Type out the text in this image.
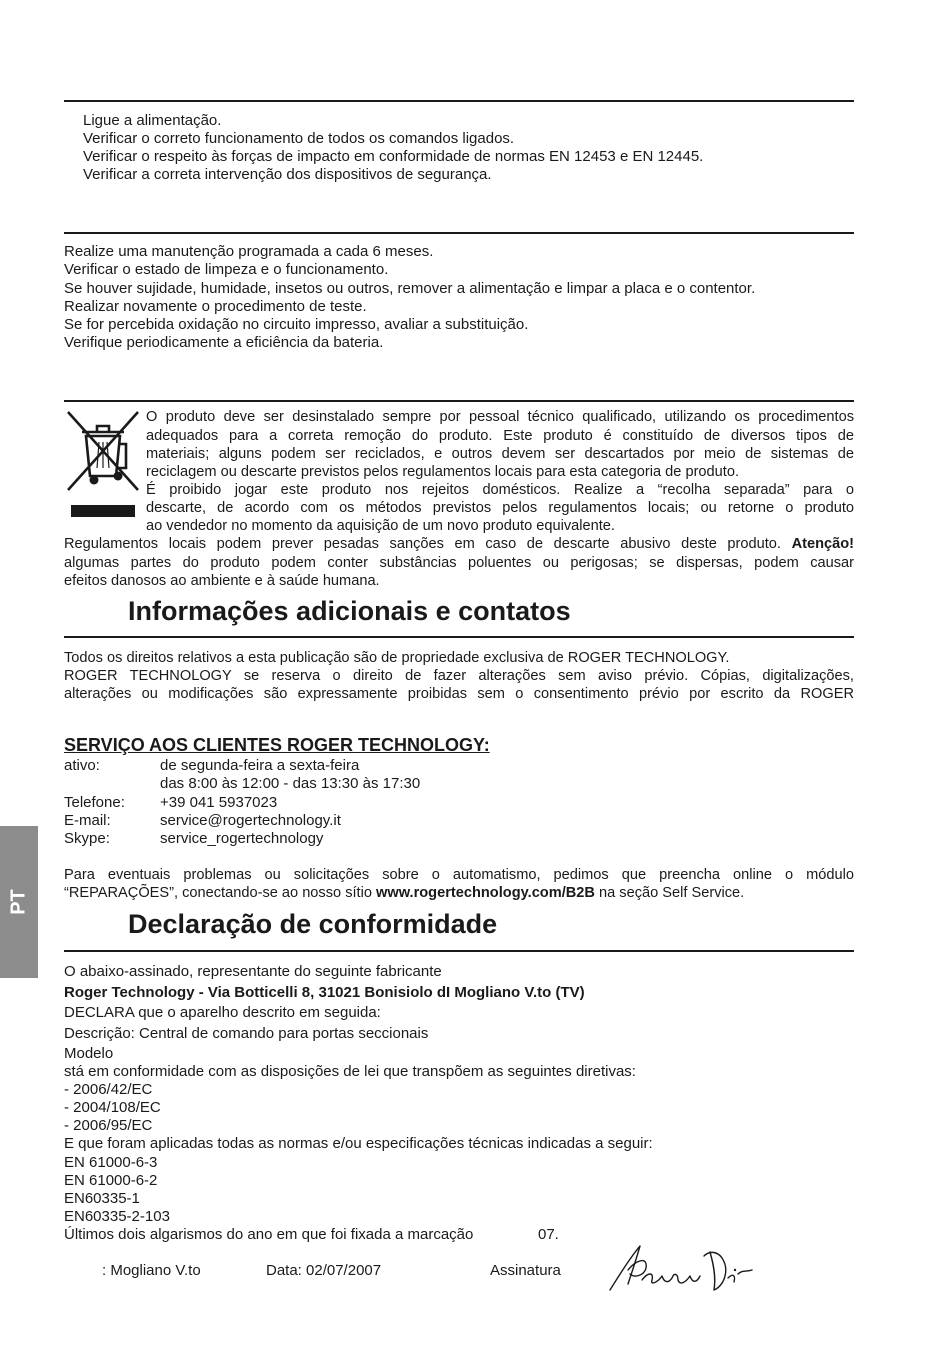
Ligue a alimentação.
Verificar o correto funcionamento de todos os comandos ligados.
Verificar o respeito às forças de impacto em conformidade de normas EN 12453 e EN 12445.
Verificar a correta intervenção dos dispositivos de segurança.
Realize uma manutenção programada a cada 6 meses.
Verificar o estado de limpeza e o funcionamento.
Se houver sujidade, humidade, insetos ou outros, remover a alimentação e limpar a placa e o contentor.
Realizar novamente o procedimento de teste.
Se for percebida oxidação no circuito impresso, avaliar a substituição.
Verifique periodicamente a eficiência da bateria.
O produto deve ser desinstalado sempre por pessoal técnico qualificado, utilizando os procedimentos
adequados para a correta remoção do produto. Este produto é constituído de diversos tipos de
materiais; alguns podem ser reciclados, e outros devem ser descartados por meio de sistemas de
reciclagem ou descarte previstos pelos regulamentos locais para esta categoria de produto.
É proibido jogar este produto nos rejeitos domésticos. Realize a “recolha separada” para o
descarte, de acordo com os métodos previstos pelos regulamentos locais; ou retorne o produto
ao vendedor no momento da aquisição de um novo produto equivalente.
Regulamentos locais podem prever pesadas sanções em caso de descarte abusivo deste produto. Atenção!
algumas partes do produto podem conter substâncias poluentes ou perigosas; se dispersas, podem causar
efeitos danosos ao ambiente e à saúde humana.
Informações adicionais e contatos
Todos os direitos relativos a esta publicação são de propriedade exclusiva de ROGER TECHNOLOGY.
ROGER TECHNOLOGY se reserva o direito de fazer alterações sem aviso prévio. Cópias, digitalizações,
alterações ou modificações são expressamente proibidas sem o consentimento prévio por escrito da ROGER
SERVIÇO AOS CLIENTES ROGER TECHNOLOGY:
ativo:	de segunda-feira a sexta-feira
das 8:00 às 12:00 - das 13:30 às 17:30
Telefone: +39 041 5937023
E-mail:	service@rogertechnology.it
Skype:	service_rogertechnology
Para eventuais problemas ou solicitações sobre o automatismo, pedimos que preencha online o módulo
“REPARAÇÕES”, conectando-se ao nosso sítio www.rogertechnology.com/B2B na seção Self Service.
PT
Declaração de conformidade
O abaixo-assinado, representante do seguinte fabricante
Roger Technology - Via Botticelli 8, 31021 Bonisiolo dI Mogliano V.to (TV)
DECLARA que o aparelho descrito em seguida:
Descrição: Central de comando para portas seccionais
Modelo
stá em conformidade com as disposições de lei que transpõem as seguintes diretivas:
- 2006/42/EC
- 2004/108/EC
- 2006/95/EC
E que foram aplicadas todas as normas e/ou especificações técnicas indicadas a seguir:
EN 61000-6-3
EN 61000-6-2
EN60335-1
EN60335-2-103
Últimos dois algarismos do ano em que foi fixada a marcação	07.
: Mogliano V.to	Data: 02/07/2007	Assinatura
